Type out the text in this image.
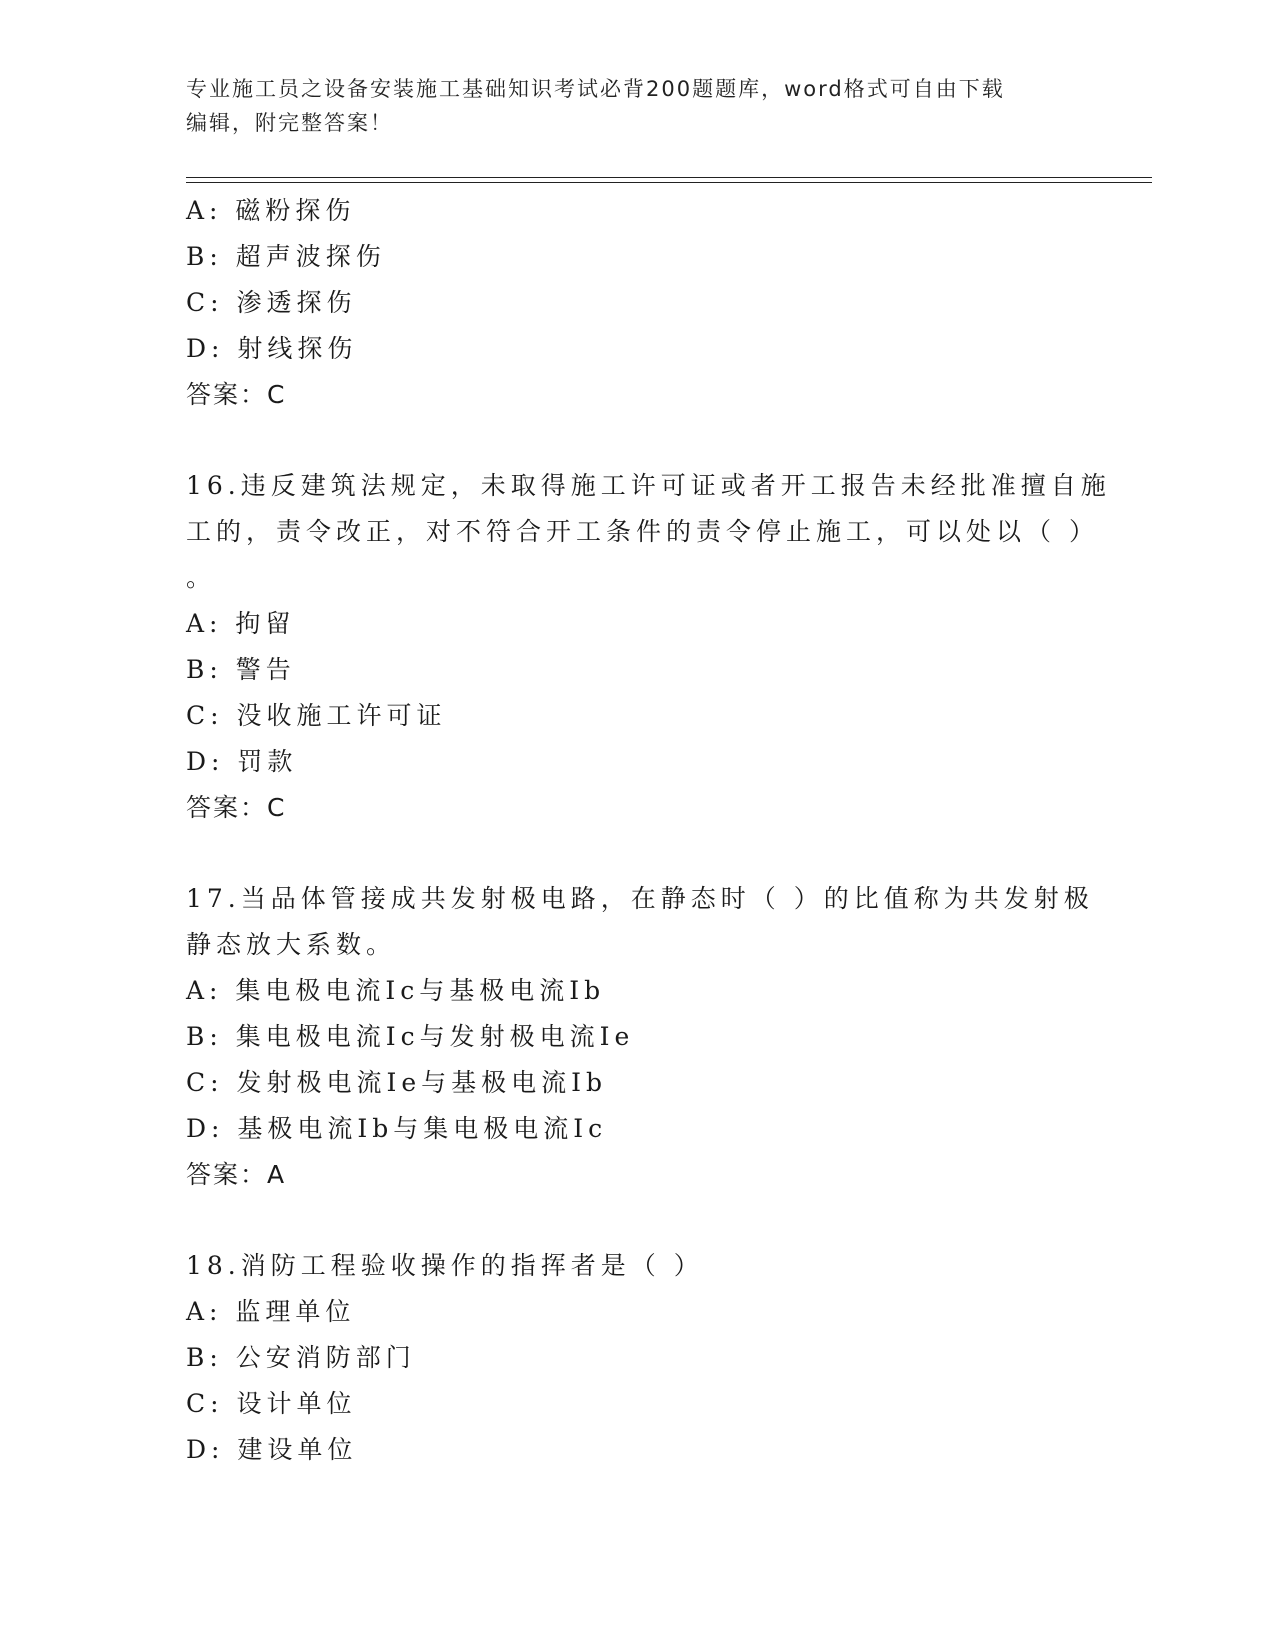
专业施工员之设备安装施工基础知识考试必背200题题库，word格式可自由下载
编辑，附完整答案！
A: 磁粉探伤
B: 超声波探伤
C: 渗透探伤
D: 射线探伤
答案：C
16.违反建筑法规定，未取得施工许可证或者开工报告未经批准擅自施
工的，责令改正，对不符合开工条件的责令停止施工，可以处以（ ）
。
A: 拘留
B: 警告
C: 没收施工许可证
D: 罚款
答案：C
17.当品体管接成共发射极电路，在静态时（ ）的比值称为共发射极
静态放大系数。
A: 集电极电流Ic与基极电流Ib
B: 集电极电流Ic与发射极电流Ie
C: 发射极电流Ie与基极电流Ib
D: 基极电流Ib与集电极电流Ic
答案：A
18.消防工程验收操作的指挥者是（ ）
A: 监理单位
B: 公安消防部门
C: 设计单位
D: 建设单位
